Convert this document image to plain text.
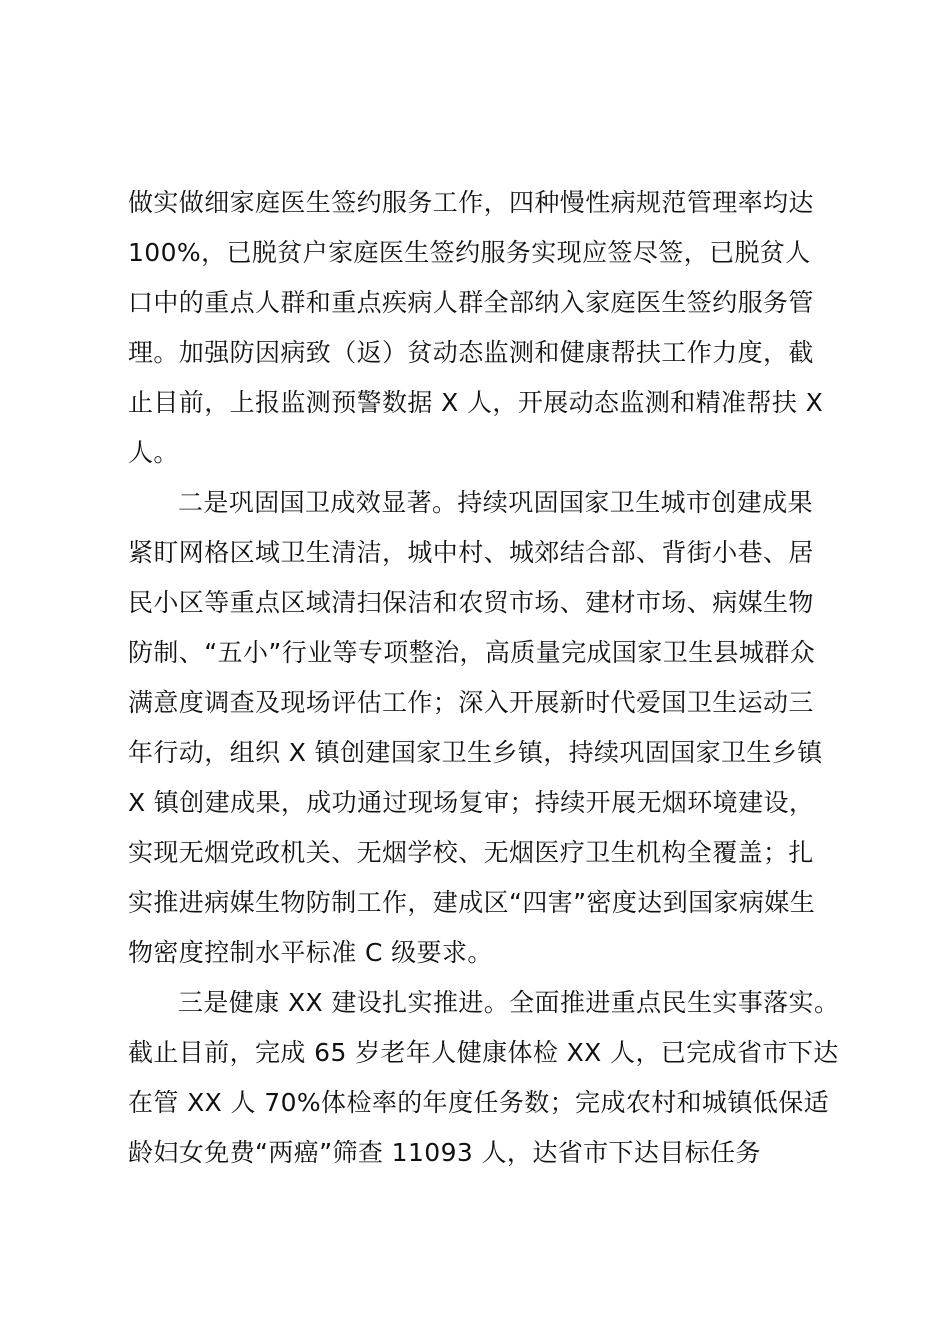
做实做细家庭医生签约服务工作，四种慢性病规范管理率均达
100%，已脱贫户家庭医生签约服务实现应签尽签，已脱贫人
口中的重点人群和重点疾病人群全部纳入家庭医生签约服务管
理。加强防因病致（返）贫动态监测和健康帮扶工作力度，截
止目前，上报监测预警数据 X 人，开展动态监测和精准帮扶 X
人。
二是巩固国卫成效显著。持续巩固国家卫生城市创建成果
紧盯网格区域卫生清洁，城中村、城郊结合部、背街小巷、居
民小区等重点区域清扫保洁和农贸市场、建材市场、病媒生物
防制、“五小”行业等专项整治，高质量完成国家卫生县城群众
满意度调查及现场评估工作；深入开展新时代爱国卫生运动三
年行动，组织 X 镇创建国家卫生乡镇，持续巩固国家卫生乡镇
X 镇创建成果，成功通过现场复审；持续开展无烟环境建设，
实现无烟党政机关、无烟学校、无烟医疗卫生机构全覆盖；扎
实推进病媒生物防制工作，建成区“四害”密度达到国家病媒生
物密度控制水平标准 C 级要求。
三是健康 XX 建设扎实推进。全面推进重点民生实事落实。
截止目前，完成 65 岁老年人健康体检 XX 人，已完成省市下达
在管 XX 人 70%体检率的年度任务数；完成农村和城镇低保适
龄妇女免费“两癌”筛查 11093 人，达省市下达目标任务
